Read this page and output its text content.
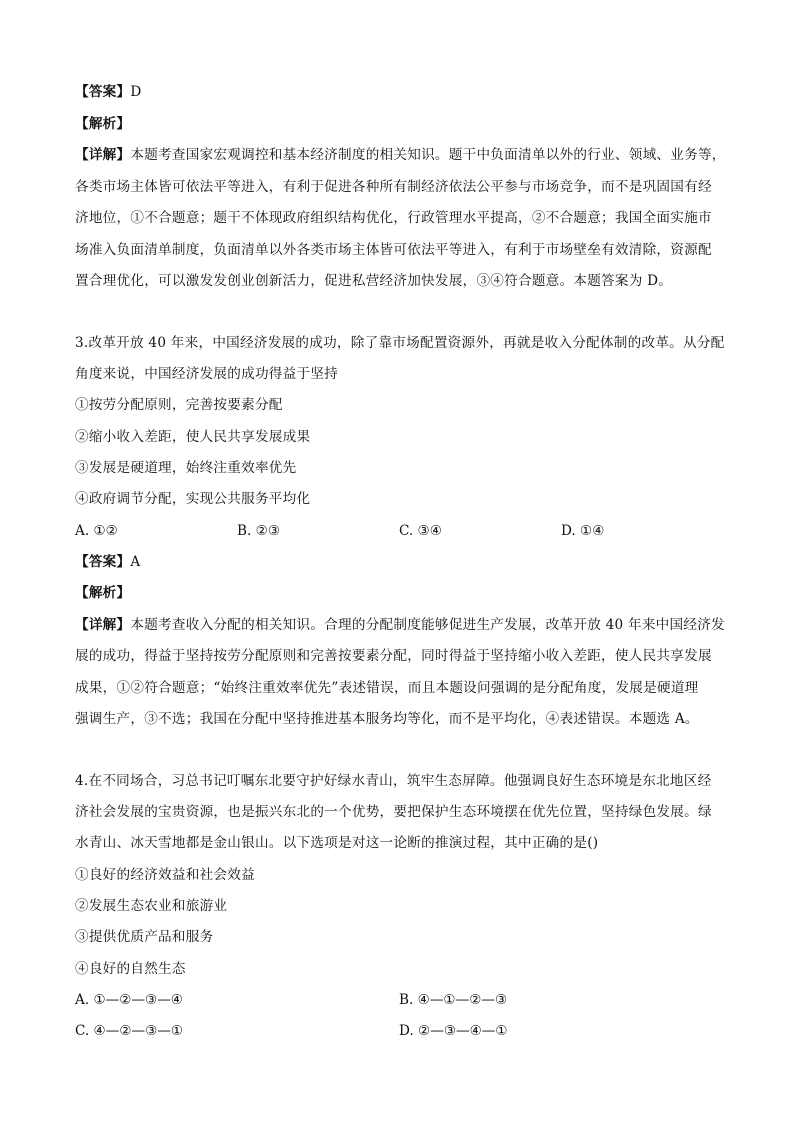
【答案】D
【解析】
【详解】本题考查国家宏观调控和基本经济制度的相关知识。题干中负面清单以外的行业、领域、业务等，
各类市场主体皆可依法平等进入，有利于促进各种所有制经济依法公平参与市场竞争，而不是巩固国有经
济地位，①不合题意；题干不体现政府组织结构优化，行政管理水平提高，②不合题意；我国全面实施市
场准入负面清单制度，负面清单以外各类市场主体皆可依法平等进入，有利于市场壁垒有效清除，资源配
置合理优化，可以激发发创业创新活力，促进私营经济加快发展，③④符合题意。本题答案为 D。
3.改革开放 40 年来，中国经济发展的成功，除了靠市场配置资源外，再就是收入分配体制的改革。从分配
角度来说，中国经济发展的成功得益于坚持
①按劳分配原则，完善按要素分配
②缩小收入差距，使人民共享发展成果
③发展是硬道理，始终注重效率优先
④政府调节分配，实现公共服务平均化
A. ①②	B. ②③	C. ③④	D. ①④
【答案】A
【解析】
【详解】本题考查收入分配的相关知识。合理的分配制度能够促进生产发展，改革开放 40 年来中国经济发
展的成功，得益于坚持按劳分配原则和完善按要素分配，同时得益于坚持缩小收入差距，使人民共享发展
成果，①②符合题意；“始终注重效率优先”表述错误，而且本题设问强调的是分配角度，发展是硬道理
强调生产，③不选；我国在分配中坚持推进基本服务均等化，而不是平均化，④表述错误。本题选 A。
4.在不同场合，习总书记叮嘱东北要守护好绿水青山，筑牢生态屏障。他强调良好生态环境是东北地区经
济社会发展的宝贵资源，也是振兴东北的一个优势，要把保护生态环境摆在优先位置，坚持绿色发展。绿
水青山、冰天雪地都是金山银山。以下选项是对这一论断的推演过程，其中正确的是()
①良好的经济效益和社会效益
②发展生态农业和旅游业
③提供优质产品和服务
④良好的自然生态
A. ①—②—③—④	B. ④—①—②—③
C. ④—②—③—①	D. ②—③—④—①
